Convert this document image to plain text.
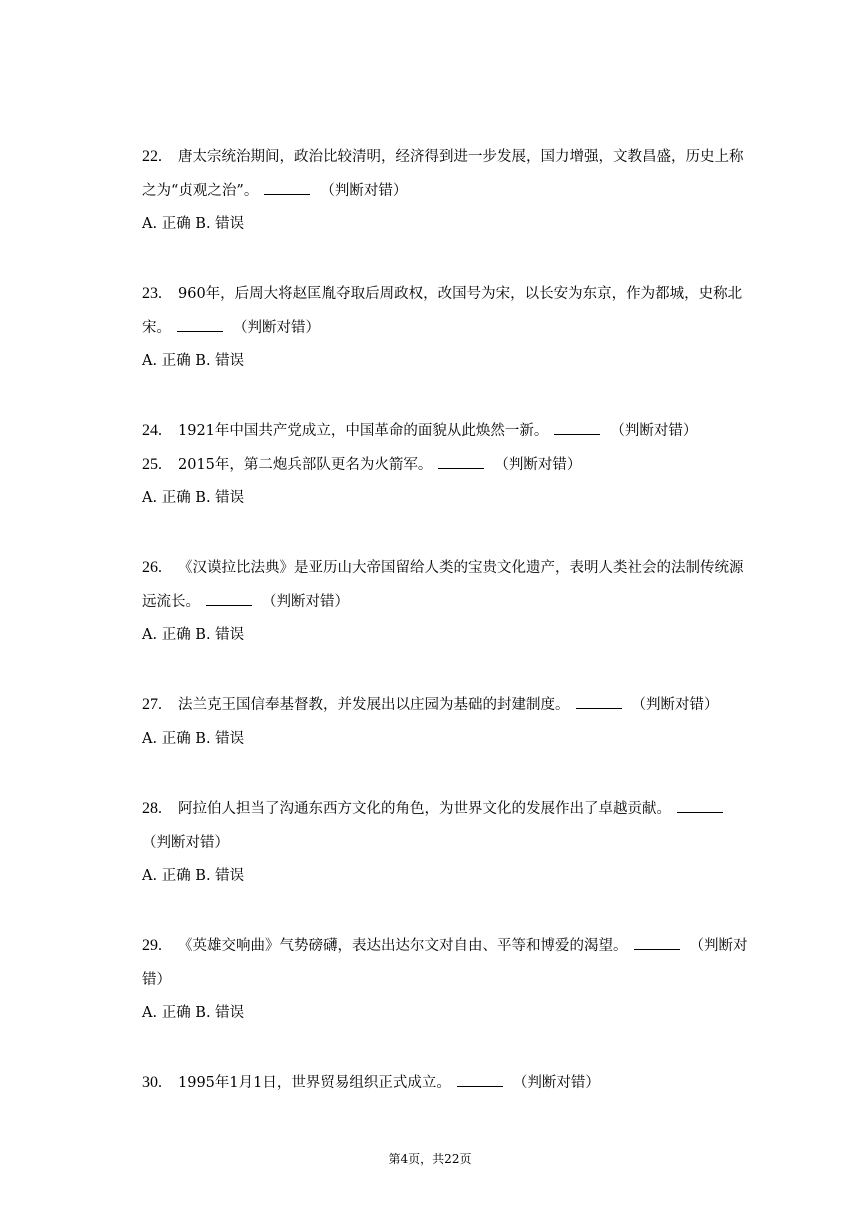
22. 唐太宗统治期间，政治比较清明，经济得到进一步发展，国力增强，文教昌盛，历史上称之为“贞观之治”。	（判断对错）

A. 正确 B. 错误

23. 960年，后周大将赵匡胤夺取后周政权，改国号为宋，以长安为东京，作为都城，史称北宋。	（判断对错）

A. 正确 B. 错误

24. 1921年中国共产党成立，中国革命的面貌从此焕然一新。	（判断对错）

25. 2015年，第二炮兵部队更名为火箭军。	（判断对错）

A. 正确 B. 错误

26. 《汉谟拉比法典》是亚历山大帝国留给人类的宝贵文化遗产，表明人类社会的法制传统源远流长。	（判断对错）

A. 正确 B. 错误

27. 法兰克王国信奉基督教，并发展出以庄园为基础的封建制度。	（判断对错）

A. 正确 B. 错误

28. 阿拉伯人担当了沟通东西方文化的角色，为世界文化的发展作出了卓越贡献。（判断对错）

A. 正确 B. 错误

29. 《英雄交响曲》气势磅礴，表达出达尔文对自由、平等和博爱的渴望。	（判断对错）

A. 正确 B. 错误

30. 1995年1月1日，世界贸易组织正式成立。	（判断对错）

第4页，共22页
